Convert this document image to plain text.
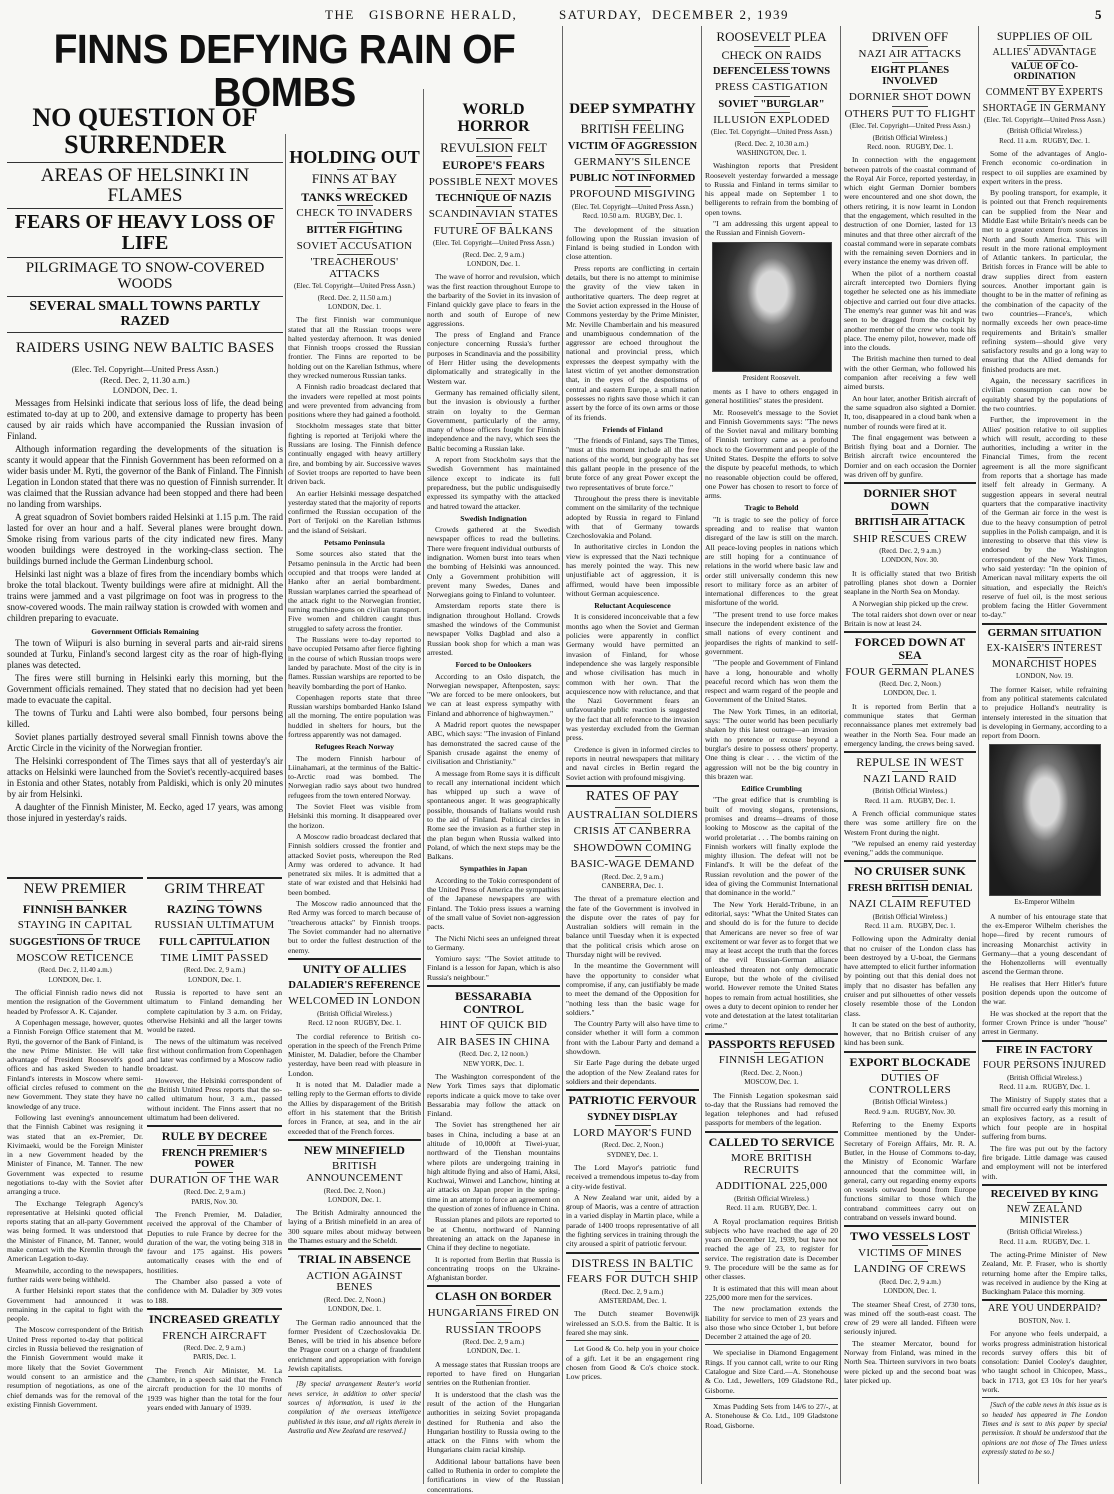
THE GISBORNE HERALD,	SATURDAY, DECEMBER 2, 1939	5
FINNS DEFYING RAIN OF BOMBS
NO QUESTION OF SURRENDER
AREAS OF HELSINKI IN FLAMES
FEARS OF HEAVY LOSS OF LIFE
PILGRIMAGE TO SNOW-COVERED WOODS
SEVERAL SMALL TOWNS PARTLY RAZED
RAIDERS USING NEW BALTIC BASES
(Elec. Tel. Copyright—United Press Assn.)
(Recd. Dec. 2, 11.30 a.m.)
LONDON, Dec. 1.

Messages from Helsinki indicate that serious loss of life, the dead being estimated to-day at up to 200, and extensive damage to property has been caused by air raids which have accompanied the Russian invasion of Finland.

Although information regarding the developments of the situation is scanty it would appear that the Finnish Government has been reformed on a wider basis under M. Ryti, the governor of the Bank of Finland. The Finnish Legation in London stated that there was no question of Finnish surrender. It was claimed that the Russian advance had been stopped and there had been no landing from warships.

A great squadron of Soviet bombers raided Helsinki at 1.15 p.m. The raid lasted for over an hour and a half. Several planes were brought down. Smoke rising from various parts of the city indicated new fires. Many wooden buildings were destroyed in the working-class section. The buildings burned include the German Lindenburg school.

Helsinki last night was a blaze of fires from the incendiary bombs which broke the total blackout. Twenty buildings were afire at midnight. All the trains were jammed and a vast pilgrimage on foot was in progress to the snow-covered woods. The main railway station is crowded with women and children preparing to evacuate.

Government Officials Remaining

The town of Wiipuri is also burning in several parts and air-raid sirens sounded at Turku, Finland's second largest city as the roar of high-flying planes was detected.

The fires were still burning in Helsinki early this morning, but the Government officials remained. They stated that no decision had yet been made to evacuate the capital.

The towns of Turku and Lahti were also bombed, four persons being killed.

Soviet planes partially destroyed several small Finnish towns above the Arctic Circle in the vicinity of the Norwegian frontier.

The Helsinki correspondent of The Times says that all of yesterday's air attacks on Helsinki were launched from the Soviet's recently-acquired bases in Estonia and other States, notably from Paldiski, which is only 20 minutes by air from Helsinki.

A daughter of the Finnish Minister, M. Eecko, aged 17 years, was among those injured in yesterday's raids.

NEW PREMIER
FINNISH BANKER
STAYING IN CAPITAL
SUGGESTIONS OF TRUCE
MOSCOW RETICENCE
(Recd. Dec. 2, 11.40 a.m.)
LONDON, Dec. 1.

The official Finnish radio news did not mention the resignation of the Government headed by Professor A. K. Cajander.

A Copenhagen message, however, quotes a Finnish Foreign Office statement that M. Ryti, the governor of the Bank of Finland, is the new Prime Minister. He will take advantage of President Roosevelt's good offices and has asked Sweden to handle Finland's interests in Moscow where semi-official circles refused to comment on the new Government. They state they have no knowledge of any truce.

Following last evening's announcement that the Finnish Cabinet was resigning it was stated that an ex-Premier, Dr. Kivimaeki, would be the Foreign Minister in a new Government headed by the Minister of Finance, M. Tanner. The new Government was expected to resume negotiations to-day with the Soviet after arranging a truce.

The Exchange Telegraph Agency's representative at Helsinki quoted official reports stating that an all-party Government was being formed. It was understood that the Minister of Finance, M. Tanner, would make contact with the Kremlin through the American Legation to-day.

Meanwhile, according to the newspapers, further raids were being withheld.

A further Helsinki report states that the Government had announced it was remaining in the capital to fight with the people.

The Moscow correspondent of the British United Press reported to-day that political circles in Russia believed the resignation of the Finnish Government would make it more likely that the Soviet Government would consent to an armistice and the resumption of negotiations, as one of the chief demands was for the removal of the existing Finnish Government.

GRIM THREAT
RAZING TOWNS
RUSSIAN ULTIMATUM
FULL CAPITULATION
TIME LIMIT PASSED
(Recd. Dec. 2, 9 a.m.)
LONDON, Dec. 1.

Russia is reported to have sent an ultimatum to Finland demanding her complete capitulation by 3 a.m. on Friday, otherwise Helsinki and all the larger towns would be razed.

The news of the ultimatum was received first without confirmation from Copenhagen and later was confirmed by a Moscow radio broadcast.

However, the Helsinki correspondent of the British United Press reports that the so-called ultimatum hour, 3 a.m., passed without incident. The Finns assert that no ultimatum had been delivered.

RULE BY DECREE
FRENCH PREMIER'S POWER
DURATION OF THE WAR
(Recd. Dec. 2, 9 a.m.)
PARIS, Nov. 30.

The French Premier, M. Daladier, received the approval of the Chamber of Deputies to rule France by decree for the duration of the war, the voting being 318 in favour and 175 against. His powers automatically ceases with the end of hostilities.

The Chamber also passed a vote of confidence with M. Daladier by 309 votes to 188.

INCREASED GREATLY
FRENCH AIRCRAFT
(Recd. Dec. 2, 9 a.m.)
PARIS, Dec. 1.

The French Air Minister, M. La Chambre, in a speech said that the French aircraft production for the 10 months of 1939 was higher than the total for the four years ended with January of 1939.

HOLDING OUT
FINNS AT BAY
TANKS WRECKED
CHECK TO INVADERS
BITTER FIGHTING
SOVIET ACCUSATION
'TREACHEROUS' ATTACKS
(Elec. Tel. Copyright—United Press Assn.)
(Recd. Dec. 2, 11.50 a.m.)
LONDON, Dec. 1.

The first Finnish war communique stated that all the Russian troops were halted yesterday afternoon. It was denied that Finnish troops crossed the Russian frontier. The Finns are reported to be holding out on the Karelian Isthmus, where they wrecked numerous Russian tanks.

A Finnish radio broadcast declared that the invaders were repelled at most points and were prevented from advancing from positions where they had gained a foothold.

Stockholm messages state that bitter fighting is reported at Terijoki where the Russians are losing. The Finnish defence continually engaged with heavy artillery fire, and bombing by air. Successive waves of Soviet troops are reported to have been driven back.

An earlier Helsinki message despatched yesterday stated that the majority of reports confirmed the Russian occupation of the Port of Terijoki on the Karelian Isthmus and the island of Seiskari.

Petsamo Peninsula

Some sources also stated that the Petsamo peninsula in the Arctic had been occupied and that troops were landed at Hanko after an aerial bombardment. Russian warplanes carried the spearhead of the attack right to the Norwegian frontier, turning machine-guns on civilian transport. Five women and children caught thus struggled to safety across the frontier.

The Russians were to-day reported to have occupied Petsamo after fierce fighting in the course of which Russian troops were landed by parachute. Most of the city is in flames. Russian warships are reported to be heavily bombarding the port of Hanko.

Copenhagen reports state that three Russian warships bombarded Hanko Island all the morning. The entire population was huddled in shelters for hours, but the fortress apparently was not damaged.

Refugees Reach Norway

The modern Finnish harbour of Liinahamari, at the terminus of the Baltic-to-Arctic road was bombed. The Norwegian radio says about two hundred refugees from the town entered Norway.

The Soviet Fleet was visible from Helsinki this morning. It disappeared over the horizon.

A Moscow radio broadcast declared that Finnish soldiers crossed the frontier and attacked Soviet posts, whereupon the Red Army was ordered to advance. It had penetrated six miles. It is admitted that a state of war existed and that Helsinki had been bombed.

The Moscow radio announced that the Red Army was forced to march because of "treacherous attacks" by Finnish troops. The Soviet commander had no alternative but to order the fullest destruction of the enemy.

UNITY OF ALLIES
DALADIER'S REFERENCE
WELCOMED IN LONDON
(British Official Wireless.)
Recd. 12 noon RUGBY, Dec. 1.

The cordial reference to British co-operation in the speech of the French Prime Minister, M. Daladier, before the Chamber yesterday, have been read with pleasure in London.

It is noted that M. Daladier made a telling reply to the German efforts to divide the Allies by disparagement of the British effort in his statement that the British forces in France, at sea, and in the air exceeded that of the French forces.

NEW MINEFIELD
BRITISH ANNOUNCEMENT
(Recd. Dec. 2, Noon.)
LONDON, Dec. 1.

The British Admiralty announced the laying of a British minefield in an area of 300 square miles about midway between the Thames estuary and the Scheldt.

TRIAL IN ABSENCE
ACTION AGAINST BENES
(Recd. Dec. 2, Noon.)
LONDON, Dec. 1.

The German radio announced that the former President of Czechoslovakia Dr. Benes, will be tried in his absence before the Prague court on a charge of fraudulent enrichment and appropriation with foreign Jewish capitalists.

[By special arrangement Reuter's world news service, in addition to other special sources of information, is used in the compilation of the overseas intelligence published in this issue, and all rights therein in Australia and New Zealand are reserved.]

WORLD HORROR
REVULSION FELT
EUROPE'S FEARS
POSSIBLE NEXT MOVES
TECHNIQUE OF NAZIS
SCANDINAVIAN STATES
FUTURE OF BALKANS
(Elec. Tel. Copyright—United Press Assn.)
(Recd. Dec. 2, 9 a.m.)
LONDON, Dec. 1.

The wave of horror and revulsion, which was the first reaction throughout Europe to the barbarity of the Soviet in its invasion of Finland quickly gave place to fears in the north and south of Europe of new aggressions.

The press of England and France conjecture concerning Russia's further purposes in Scandinavia and the possibility of Herr Hitler using the developments diplomatically and strategically in the Western war.

Germany has remained officially silent, but the invasion is obviously a further strain on loyalty to the German Government, particularly of the army, many of whose officers fought for Finnish independence and the navy, which sees the Baltic becoming a Russian lake.

A report from Stockholm says that the Swedish Government has maintained silence except to indicate its full preparedness, but the public undisguisedly expressed its sympathy with the attacked and hatred toward the attacker.

Swedish Indignation

Crowds gathered at the Swedish newspaper offices to read the bulletins. There were frequent individual outbursts of indignation. Women burst into tears when the bombing of Helsinki was announced. Only a Government prohibition will prevent many Swedes, Danes and Norwegians going to Finland to volunteer.

Amsterdam reports state there is indignation throughout Holland. Crowds smashed the windows of the Communist newspaper Volks Dagblad and also a Russian book shop for which a man was arrested.

Forced to be Onlookers

According to an Oslo dispatch, the Norwegian newspaper, Aftenposten, says: "We are forced to be mere onlookers, but we can at least express sympathy with Finland and abhorrence of highwaymen."

A Madrid report quotes the newspaper ABC, which says: "The invasion of Finland has demonstrated the sacred cause of the Spanish crusade against the enemy of civilisation and Christianity."

A message from Rome says it is difficult to recall any international incident which has whipped up such a wave of spontaneous anger. It was geographically possible, thousands of Italians would rush to the aid of Finland. Political circles in Rome see the invasion as a further step in the plan begun when Russia walked into Poland, of which the next steps may be the Balkans.

Sympathies in Japan

According to the Tokio correspondent of the United Press of America the sympathies of the Japanese newspapers are with Finland. The Tokio press issues a warning of the small value of Soviet non-aggression pacts.

The Nichi Nichi sees an unfeigned threat to Germany.

Yomiuro says: "The Soviet attitude to Finland is a lesson for Japan, which is also Russia's neighbour."

BESSARABIA CONTROL
HINT OF QUICK BID
AIR BASES IN CHINA
(Recd. Dec. 2, 12 noon.)
NEW YORK, Dec. 1.

The Washington correspondent of the New York Times says that diplomatic reports indicate a quick move to take over Bessarabia may follow the attack on Finland.

The Soviet has strengthened her air bases in China, including a base at an altitude of 10,000ft at Tiwei-yuar, northward of the Tienshan mountains where pilots are undergoing training in high altitude flying and also of Hami, Aksi, Kuchwai, Winwei and Lanchow, hinting at air attacks on Japan proper in the spring-time in an attempt to force an agreement on the question of zones of influence in China.

Russian planes and pilots are reported to be at Chentu, northward of Nanning threatening an attack on the Japanese in China if they decline to negotiate.

It is reported from Berlin that Russia is concentrating troops on the Ukraine-Afghanistan border.

CLASH ON BORDER
HUNGARIANS FIRED ON
RUSSIAN TROOPS
(Recd. Dec. 2, 9 a.m.)
LONDON, Dec. 1.

A message states that Russian troops are reported to have fired on Hungarian sentries on the Ruthenian frontier.

It is understood that the clash was the result of the action of the Hungarian authorities in seizing Soviet propaganda destined for Ruthenia and also the Hungarian hostility to Russia owing to the attack on the Finns with whom the Hungarians claim racial kinship.

Additional labour battalions have been called to Ruthenia in order to complete the fortifications in view of the Russian concentrations.

DEEP SYMPATHY
BRITISH FEELING
VICTIM OF AGGRESSION
GERMANY'S SILENCE
PUBLIC NOT INFORMED
PROFOUND MISGIVING
(Elec. Tel. Copyright—United Press Assn.)
Recd. 10.50 a.m. RUGBY, Dec. 1.

The development of the situation following upon the Russian invasion of Finland is being studied in London with close attention.

Press reports are conflicting in certain details, but there is no attempt to minimise the gravity of the view taken in authoritative quarters. The deep regret at the Soviet action expressed in the House of Commons yesterday by the Prime Minister, Mr. Neville Chamberlain and his measured and unambiguous condemnation of the aggressor are echoed throughout the national and provincial press, which expresses the deepest sympathy with the latest victim of yet another demonstration that, in the eyes of the despotisms of central and eastern Europe, a small nation possesses no rights save those which it can assert by the force of its own arms or those of its friends.

Friends of Finland

"The friends of Finland, says The Times, "must at this moment include all the free nations of the world, but geography has set this gallant people in the presence of the brute force of any great Power except the two representatives of brute force."

Throughout the press there is inevitable comment on the similarity of the technique adopted by Russia in regard to Finland with that of Germany towards Czechoslovakia and Poland.

In authoritative circles in London the view is expressed that the Nazi technique has merely pointed the way. This new unjustifiable act of aggression, it is affirmed, would have been impossible without German acquiescence.

Reluctant Acquiescence

It is considered inconceivable that a few months ago when the Soviet and German policies were apparently in conflict Germany would have permitted an invasion of Finland, for whose independence she was largely responsible and whose civilisation has much in common with her own. That the acquiescence now with reluctance, and that the Nazi Government fears an unfavourable public reaction is suggested by the fact that all reference to the invasion was yesterday excluded from the German press.

Credence is given in informed circles to reports in neutral newspapers that military and naval circles in Berlin regard the Soviet action with profound misgiving.

RATES OF PAY
AUSTRALIAN SOLDIERS
CRISIS AT CANBERRA
SHOWDOWN COMING
BASIC-WAGE DEMAND
(Recd. Dec. 2, 9 a.m.)
CANBERRA, Dec. 1.

The threat of a premature election and the fate of the Government is involved in the dispute over the rates of pay for Australian soldiers will remain in the balance until Tuesday when it is expected that the political crisis which arose on Thursday night will be revived.

In the meantime the Government will have the opportunity to consider what compromise, if any, can justifiably be made to meet the demand of the Opposition for "nothing less than the basic wage for soldiers."

The Country Party will also have time to consider whether it will form a common front with the Labour Party and demand a showdown.

Sir Earle Page during the debate urged the adoption of the New Zealand rates for soldiers and their dependants.

PATRIOTIC FERVOUR
SYDNEY DISPLAY
LORD MAYOR'S FUND
(Recd. Dec. 2, Noon.)
SYDNEY, Dec. 1.

The Lord Mayor's patriotic fund received a tremendous impetus to-day from a city-wide festival.

A New Zealand war unit, aided by a group of Maoris, was a centre of attraction in a varied display in Martin place, while a parade of 1400 troops representative of all the fighting services in training through the city aroused a spirit of patriotic fervour.

DISTRESS IN BALTIC
FEARS FOR DUTCH SHIP
(Recd. Dec. 2, 9 a.m.)
AMSTERDAM, Dec. 1.

The Dutch steamer Bovenwijk wirelessed an S.O.S. from the Baltic. It is feared she may sink.

Let Good & Co. help you in your choice of a gift. Let it be an engagement ring chosen from Good & Co's choice stock. Low prices.

ROOSEVELT PLEA
CHECK ON RAIDS
DEFENCELESS TOWNS
PRESS CASTIGATION
SOVIET "BURGLAR"
ILLUSION EXPLODED
(Elec. Tel. Copyright—United Press Assn.)
(Recd. Dec. 2, 10.30 a.m.)
WASHINGTON, Dec. 1.

Washington reports that President Roosevelt yesterday forwarded a message to Russia and Finland in terms similar to his appeal made on September 1 to belligerents to refrain from the bombing of open towns.

"I am addressing this urgent appeal to the Russian and Finnish Govern-

President Roosevelt.

ments as I have to others engaged in general hostilities" states the president.

Mr. Roosevelt's message to the Soviet and Finnish Governments says: "The news of the Soviet naval and military bombing of Finnish territory came as a profound shock to the Government and people of the United States. Despite the efforts to solve the dispute by peaceful methods, to which no reasonable objection could be offered, one Power has chosen to resort to force of arms.

Tragic to Behold

"It is tragic to see the policy of force spreading and to realise that wanton disregard of the law is still on the march. All peace-loving peoples in nations which are still hoping for a continuance of relations in the world where basic law and order still universally condemn this new resort to military force as an arbiter of international differences to the great misfortune of the world.

"The present trend to use force makes insecure the independent existence of the small nations of every continent and jeopardises the rights of mankind to self-government.

"The people and Government of Finland have a long, honourable and wholly peaceful record which has won them the respect and warm regard of the people and Government of the United States.

The New York Times, in an editorial, says: "The outer world has been peculiarly shaken by this latest outrage—an invasion with no pretence or excuse beyond a burglar's desire to possess others' property. One thing is clear . . . the victim of the aggression will not be the big country in this brazen war.

Edifice Crumbling

"The great edifice that is crumbling is built of moving slogans, pretensions, promises and dreams—dreams of those looking to Moscow as the capital of the world proletariat . . . The bombs raining on Finnish workers will finally explode the mighty illusion. The defeat will not be Finland's. It will be the defeat of the Russian revolution and the power of the idea of giving the Communist International that dominance in the world."

The New York Herald-Tribune, in an editorial, says: "What the United States can and should do is for the future to decide that Americans are never so free of war excitement or war fever as to forget that we may at least accept the truth that the forces of the evil Russian-German alliance unleashed threaten not only democratic Europe, but the whole of the civilised world. However remote the United States hopes to remain from actual hostilities, she owes a duty to decent opinion to render her vote and detestation at the latest totalitarian crime."

PASSPORTS REFUSED
FINNISH LEGATION
(Recd. Dec. 2, Noon.)
MOSCOW, Dec. 1.

The Finnish Legation spokesman said to-day that the Russians had removed the legation telephones and had refused passports for members of the legation.

CALLED TO SERVICE
MORE BRITISH RECRUITS
ADDITIONAL 225,000
(British Official Wireless.)
Recd. 11 a.m. RUGBY, Dec. 1.

A Royal proclamation requires British subjects who have reached the age of 20 years on December 12, 1939, but have not reached the age of 23, to register for service. The registration date is December 9. The procedure will be the same as for other classes.

It is estimated that this will mean about 225,000 more men for the services.

The new proclamation extends the liability for service to men of 23 years and also those who since October 1, but before December 2 attained the age of 20.

We specialise in Diamond Engagement Rings. If you cannot call, write to our Ring Catalogue and Size Card.—A. Stonehouse & Co. Ltd., Jewellers, 109 Gladstone Rd., Gisborne.

Xmas Pudding Sets from 14/6 to 27/-, at A. Stonehouse & Co. Ltd., 109 Gladstone Road, Gisborne.

DRIVEN OFF
NAZI AIR ATTACKS
EIGHT PLANES INVOLVED
DORNIER SHOT DOWN
OTHERS PUT TO FLIGHT
(Elec. Tel. Copyright—United Press Assn.)
(British Official Wireless.)
Recd. noon. RUGBY, Dec. 1.

In connection with the engagement between patrols of the coastal command of the Royal Air Force, reported yesterday, in which eight German Dornier bombers were encountered and one shot down, the others retiring, it is now learnt in London that the engagement, which resulted in the destruction of one Dornier, lasted for 13 minutes and that three other aircraft of the coastal command were in separate combats with the remaining seven Dorniers and in every instance the enemy was driven off.

When the pilot of a northern coastal aircraft intercepted two Dorniers flying together he selected one as his immediate objective and carried out four dive attacks. The enemy's rear gunner was hit and was seen to be dragged from the cockpit by another member of the crew who took his place. The enemy pilot, however, made off into the clouds.

The British machine then turned to deal with the other German, who followed his companion after receiving a few well aimed bursts.

An hour later, another British aircraft of the same squadron also sighted a Dornier. It, too, disappeared in a cloud bank when a number of rounds were fired at it.

The final engagement was between a British flying boat and a Dornier. The British aircraft twice encountered the Dornier and on each occasion the Dornier was driven off by gunfire.

DORNIER SHOT DOWN
BRITISH AIR ATTACK
SHIP RESCUES CREW
(Recd. Dec. 2, 9 a.m.)
LONDON, Nov. 30.

It is officially stated that two British patrolling planes shot down a Dornier seaplane in the North Sea on Monday.

A Norwegian ship picked up the crew.

The total raiders shot down over or near Britain is now at least 24.

FORCED DOWN AT SEA
FOUR GERMAN PLANES
(Recd. Dec. 2, Noon.)
LONDON, Dec. 1.

It is reported from Berlin that a communique states that German reconnaissance planes met extremely bad weather in the North Sea. Four made an emergency landing, the crews being saved.

REPULSE IN WEST
NAZI LAND RAID
(British Official Wireless.)
Recd. 11 a.m. RUGBY, Dec. 1.

A French official communique states there was some artillery fire on the Western Front during the night.

"We repulsed an enemy raid yesterday evening," adds the communique.

NO CRUISER SUNK
FRESH BRITISH DENIAL
NAZI CLAIM REFUTED
(British Official Wireless.)
Recd. 11 a.m. RUGBY, Dec. 1.

Following upon the Admiralty denial that no cruiser of the London class has been destroyed by a U-boat, the Germans have attempted to elicit further information by pointing out that this denial does not imply that no disaster has befallen any cruiser and put silhouettes of other vessels closely resemble those of the London class.

It can be stated on the best of authority, however, that no British cruiser of any kind has been sunk.

EXPORT BLOCKADE
DUTIES OF CONTROLLERS
(British Official Wireless.)
Recd. 9 a.m. RUGBY, Nov. 30.

Referring to the Enemy Exports Committee mentioned by the Under-Secretary of Foreign Affairs, Mr. R. A. Butler, in the House of Commons to-day, the Ministry of Economic Warfare announced that the committee will, in general, carry out regarding enemy exports on vessels outward bound from Europe functions similar to those which the contraband committees carry out on contraband on vessels inward bound.

TWO VESSELS LOST
VICTIMS OF MINES
LANDING OF CREWS
(Recd. Dec. 2, 9 a.m.)
LONDON, Dec. 1.

The steamer Sheaf Crest, of 2730 tons, was mined off the south-east coast. The crew of 29 were all landed. Fifteen were seriously injured.

The steamer Mercator, bound for Norway from Finland, was mined in the North Sea. Thirteen survivors in two boats were picked up and the second boat was later picked up.

SUPPLIES OF OIL
ALLIES' ADVANTAGE
VALUE OF CO-ORDINATION
COMMENT BY EXPERTS
SHORTAGE IN GERMANY
(Elec. Tel. Copyright—United Press Assn.)
(British Official Wireless.)
Recd. 11 a.m. RUGBY, Dec. 1.

Some of the advantages of Anglo-French economic co-ordination in respect to oil supplies are examined by expert writers in the press.

By pooling transport, for example, it is pointed out that French requirements can be supplied from the Near and Middle East while Britain's needs can be met to a greater extent from sources in North and South America. This will result in the more rational employment of Atlantic tankers. In particular, the British forces in France will be able to draw supplies direct from eastern sources. Another important gain is thought to be in the matter of refining as the combination of the capacity of the two countries—France's, which normally exceeds her own peace-time requirements and Britain's smaller refining system—should give very satisfactory results and go a long way to ensuring that the Allied demands for finished products are met.

Again, the necessary sacrifices in civilian consumption can now be equitably shared by the populations of the two countries.

Further, the improvement in the Allies' position relative to oil supplies which will result, according to these authorities, including a writer in the Financial Times, from the recent agreement is all the more significant from reports that a shortage has made itself felt already in Germany. A suggestion appears in several neutral quarters that the comparative inactivity of the German air force in the west is due to the heavy consumption of petrol supplies in the Polish campaign, and it is interesting to observe that this view is endorsed by the Washington correspondent of the New York Times, who said yesterday: "In the opinion of American naval military experts the oil situation, and especially the Reich's reserve of fuel oil, is the most serious problem facing the Hitler Government to-day."

GERMAN SITUATION
EX-KAISER'S INTEREST
MONARCHIST HOPES
LONDON, Nov. 19.

The former Kaiser, while refraining from any political statements calculated to prejudice Holland's neutrality is intensely interested in the situation that is developing in Germany, according to a report from Doorn.

Ex-Emperor Wilhelm

A number of his entourage state that the ex-Emperor Wilhelm cherishes the hope—fired by recent rumours of increasing Monarchist activity in Germany—that a young descendant of the Hohenzollerns will eventually ascend the German throne.

He realises that Herr Hitler's future position depends upon the outcome of the war.

He was shocked at the report that the former Crown Prince is under "house" arrest in Germany.

FIRE IN FACTORY
FOUR PERSONS INJURED
(British Official Wireless.)
Recd. 11 a.m. RUGBY, Dec. 1.

The Ministry of Supply states that a small fire occurred early this morning in an explosives factory, as a result of which four people are in hospital suffering from burns.

The fire was put out by the factory fire brigade. Little damage was caused and employment will not be interfered with.

RECEIVED BY KING
NEW ZEALAND MINISTER
(British Official Wireless.)
Recd. 11 a.m. RUGBY, Dec. 1.

The acting-Prime Minister of New Zealand, Mr. P. Fraser, who is shortly returning home after the Empire talks, was received in audience by the King at Buckingham Palace this morning.

ARE YOU UNDERPAID?
BOSTON, Nov. 1.

For anyone who feels underpaid, a works progress administration historical records survey offers this bit of consolation: Daniel Cooley's daughter, who taught school in Chicopee, Mass., back in 1713, got £3 10s for her year's work.

[Such of the cable news in this issue as is so headed has appeared in The London Times and is sent to this paper by special permission. It should be understood that the opinions are not those of The Times unless expressly stated to be so.]
